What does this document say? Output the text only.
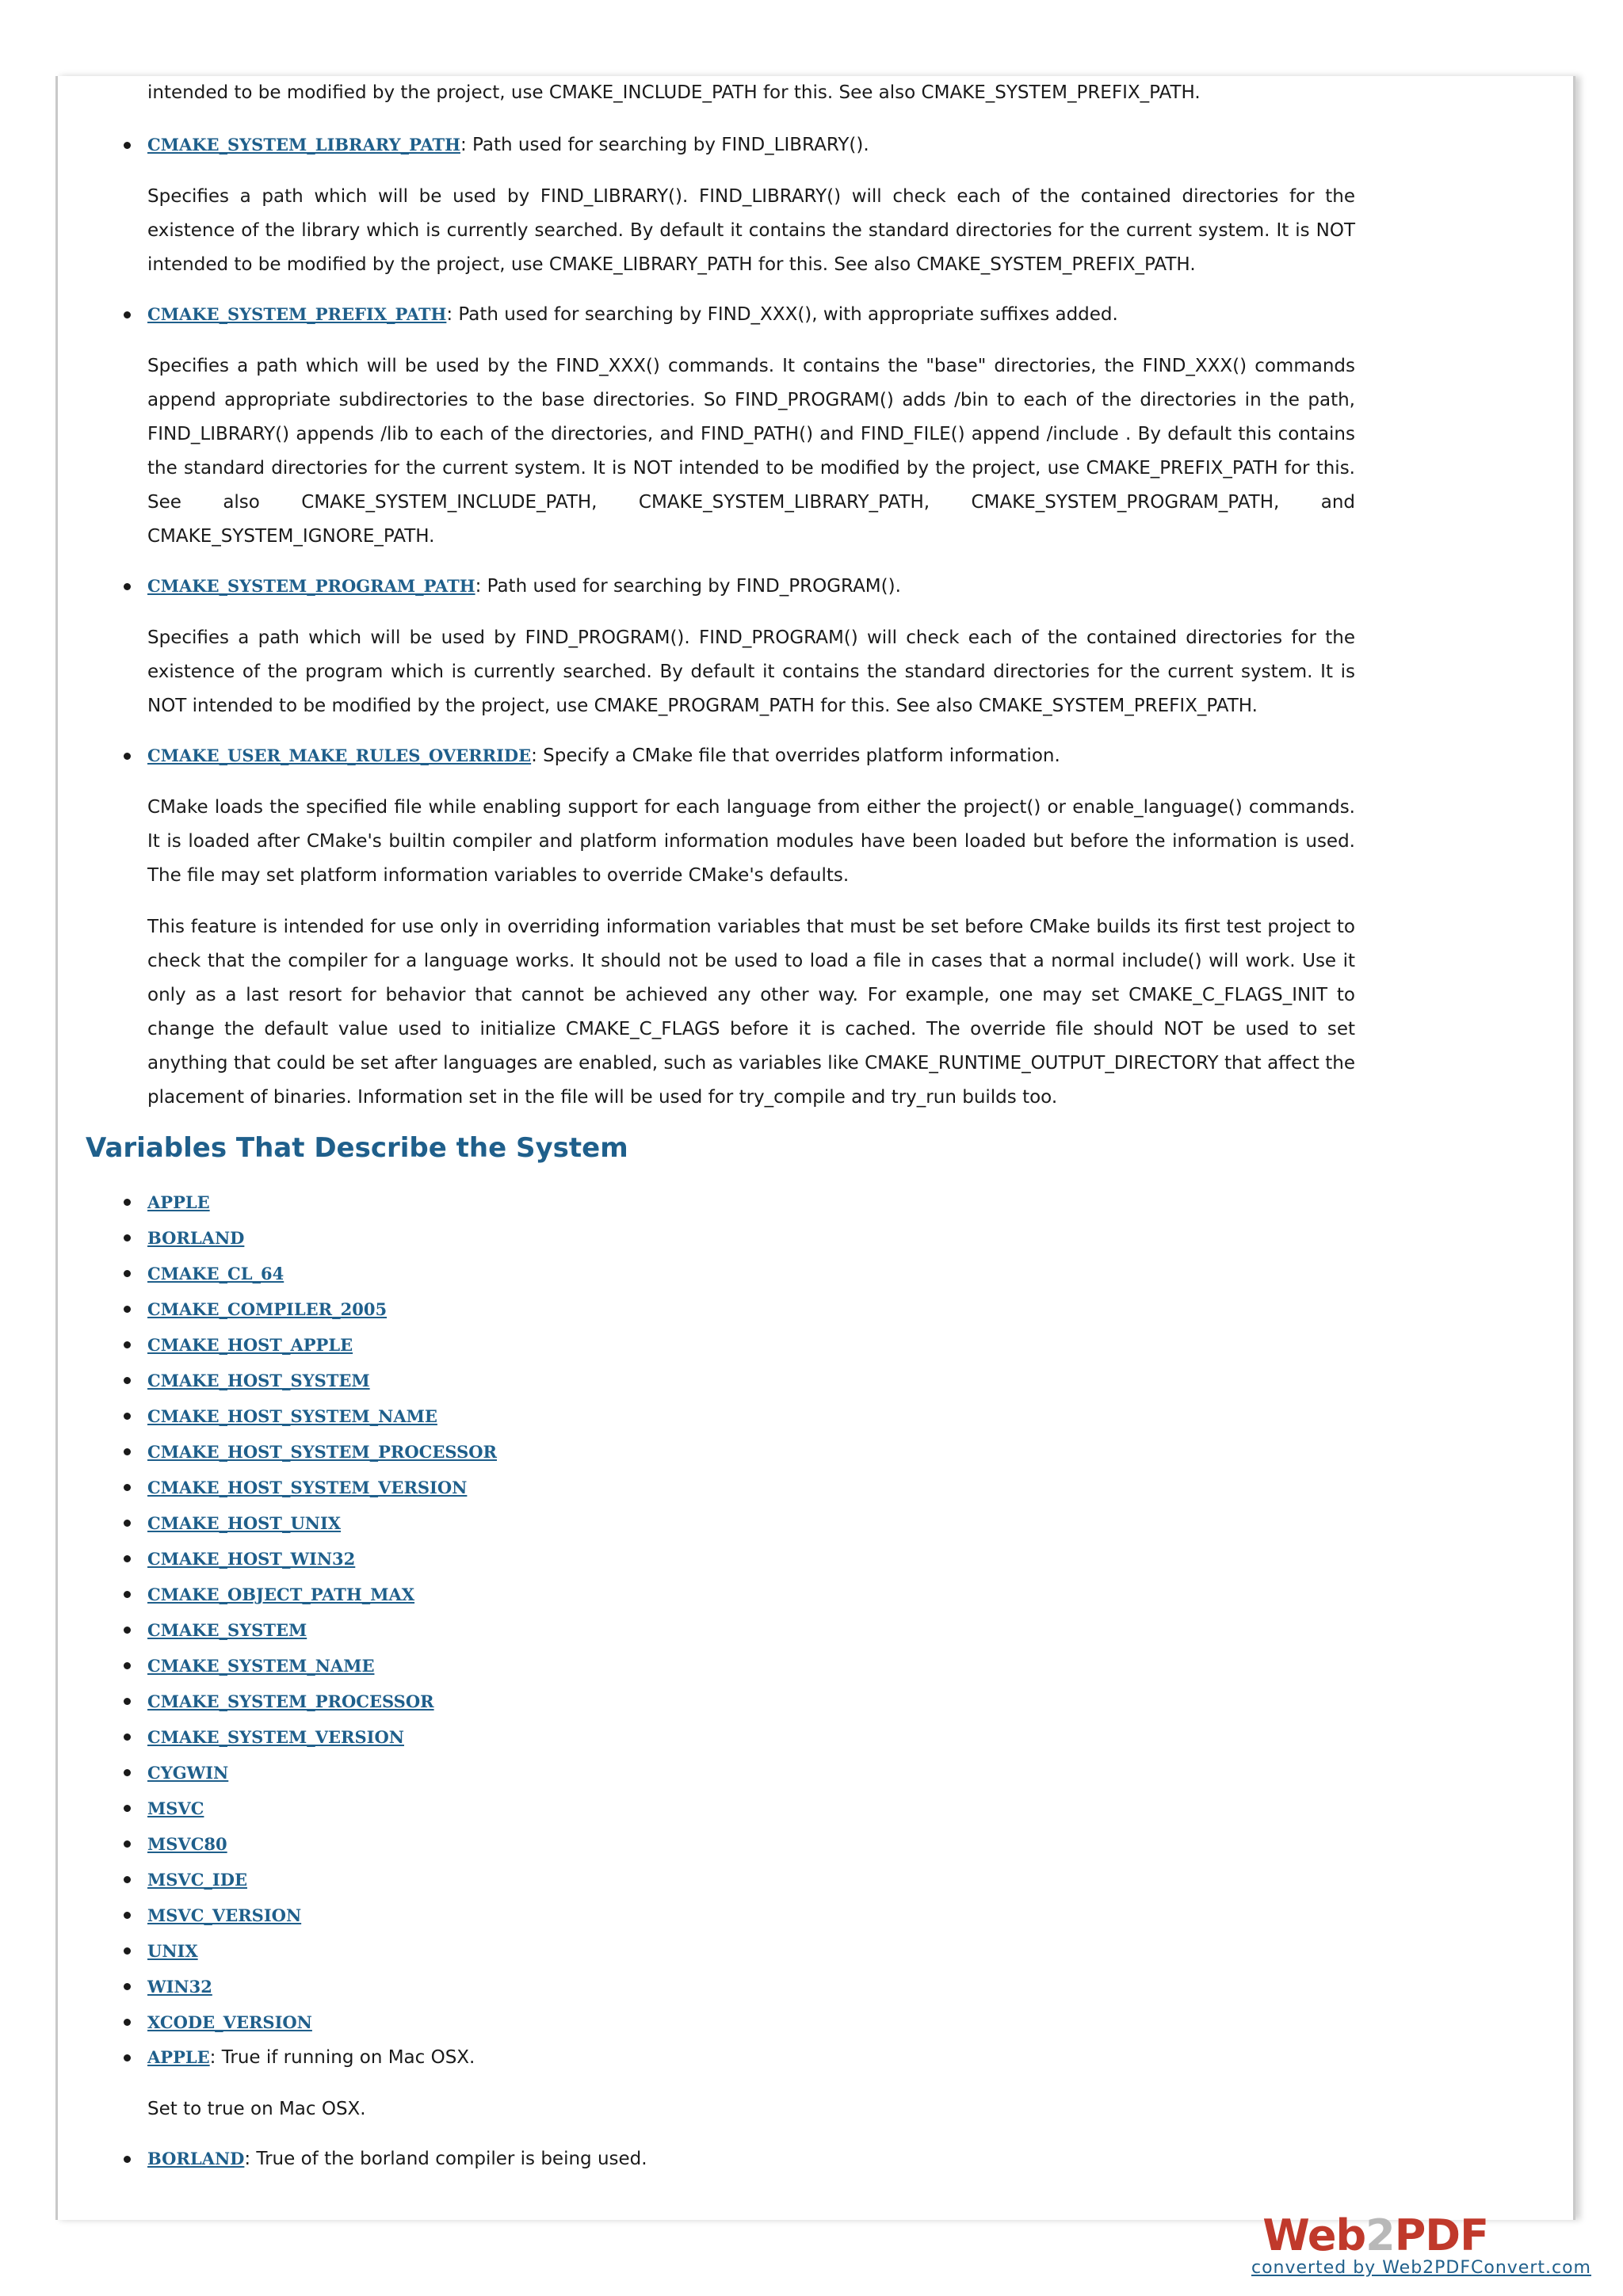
intended to be modified by the project, use CMAKE_INCLUDE_PATH for this. See also CMAKE_SYSTEM_PREFIX_PATH.

CMAKE_SYSTEM_LIBRARY_PATH: Path used for searching by FIND_LIBRARY().

Specifies a path which will be used by FIND_LIBRARY(). FIND_LIBRARY() will check each of the contained directories for the existence of the library which is currently searched. By default it contains the standard directories for the current system. It is NOT intended to be modified by the project, use CMAKE_LIBRARY_PATH for this. See also CMAKE_SYSTEM_PREFIX_PATH.

CMAKE_SYSTEM_PREFIX_PATH: Path used for searching by FIND_XXX(), with appropriate suffixes added.

Specifies a path which will be used by the FIND_XXX() commands. It contains the "base" directories, the FIND_XXX() commands append appropriate subdirectories to the base directories. So FIND_PROGRAM() adds /bin to each of the directories in the path, FIND_LIBRARY() appends /lib to each of the directories, and FIND_PATH() and FIND_FILE() append /include . By default this contains the standard directories for the current system. It is NOT intended to be modified by the project, use CMAKE_PREFIX_PATH for this. See also CMAKE_SYSTEM_INCLUDE_PATH, CMAKE_SYSTEM_LIBRARY_PATH, CMAKE_SYSTEM_PROGRAM_PATH, and CMAKE_SYSTEM_IGNORE_PATH.

CMAKE_SYSTEM_PROGRAM_PATH: Path used for searching by FIND_PROGRAM().

Specifies a path which will be used by FIND_PROGRAM(). FIND_PROGRAM() will check each of the contained directories for the existence of the program which is currently searched. By default it contains the standard directories for the current system. It is NOT intended to be modified by the project, use CMAKE_PROGRAM_PATH for this. See also CMAKE_SYSTEM_PREFIX_PATH.

CMAKE_USER_MAKE_RULES_OVERRIDE: Specify a CMake file that overrides platform information.

CMake loads the specified file while enabling support for each language from either the project() or enable_language() commands. It is loaded after CMake's builtin compiler and platform information modules have been loaded but before the information is used. The file may set platform information variables to override CMake's defaults.

This feature is intended for use only in overriding information variables that must be set before CMake builds its first test project to check that the compiler for a language works. It should not be used to load a file in cases that a normal include() will work. Use it only as a last resort for behavior that cannot be achieved any other way. For example, one may set CMAKE_C_FLAGS_INIT to change the default value used to initialize CMAKE_C_FLAGS before it is cached. The override file should NOT be used to set anything that could be set after languages are enabled, such as variables like CMAKE_RUNTIME_OUTPUT_DIRECTORY that affect the placement of binaries. Information set in the file will be used for try_compile and try_run builds too.

Variables That Describe the System
APPLE
BORLAND
CMAKE_CL_64
CMAKE_COMPILER_2005
CMAKE_HOST_APPLE
CMAKE_HOST_SYSTEM
CMAKE_HOST_SYSTEM_NAME
CMAKE_HOST_SYSTEM_PROCESSOR
CMAKE_HOST_SYSTEM_VERSION
CMAKE_HOST_UNIX
CMAKE_HOST_WIN32
CMAKE_OBJECT_PATH_MAX
CMAKE_SYSTEM
CMAKE_SYSTEM_NAME
CMAKE_SYSTEM_PROCESSOR
CMAKE_SYSTEM_VERSION
CYGWIN
MSVC
MSVC80
MSVC_IDE
MSVC_VERSION
UNIX
WIN32
XCODE_VERSION
APPLE: True if running on Mac OSX.

Set to true on Mac OSX.

BORLAND: True of the borland compiler is being used.
Web2PDF
converted by Web2PDFConvert.com
